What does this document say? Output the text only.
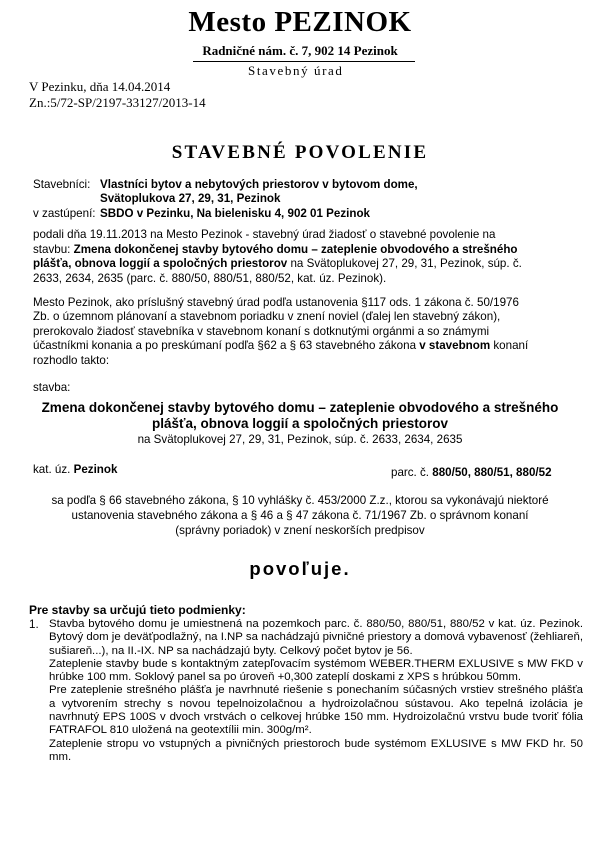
Mesto PEZINOK
Radničné nám. č. 7, 902 14 Pezinok
Stavebný úrad
V Pezinku, dňa 14.04.2014
Zn.:5/72-SP/2197-33127/2013-14
STAVEBNÉ POVOLENIE
Stavebníci: Vlastníci bytov a nebytových priestorov v bytovom dome,
Svätoplukova 27, 29, 31, Pezinok
v zastúpení: SBDO v Pezinku, Na bielenisku 4, 902 01 Pezinok
podali dňa 19.11.2013 na Mesto Pezinok - stavebný úrad žiadosť o stavebné povolenie na
stavbu: Zmena dokončenej stavby bytového domu – zateplenie obvodového a strešného
plášťa, obnova loggií a spoločných priestorov na Svätoplukovej 27, 29, 31, Pezinok, súp. č.
2633, 2634, 2635 (parc. č. 880/50, 880/51, 880/52, kat. úz. Pezinok).
Mesto Pezinok, ako príslušný stavebný úrad podľa ustanovenia §117 ods. 1 zákona č. 50/1976
Zb. o územnom plánovaní a stavebnom poriadku v znení noviel (ďalej len stavebný zákon),
prerokovalo žiadosť stavebníka v stavebnom konaní s dotknutými orgánmi a so známymi
účastníkmi konania a po preskúmaní podľa §62 a § 63 stavebného zákona v stavebnom konaní
rozhodlo takto:
stavba:
Zmena dokončenej stavby bytového domu – zateplenie obvodového a strešného
plášťa, obnova loggií a spoločných priestorov
na Svätoplukovej 27, 29, 31, Pezinok, súp. č. 2633, 2634, 2635
kat. úz. Pezinok	parc. č. 880/50, 880/51, 880/52
sa podľa § 66 stavebného zákona, § 10 vyhlášky č. 453/2000 Z.z., ktorou sa vykonávajú niektoré
ustanovenia stavebného zákona a § 46 a § 47 zákona č. 71/1967 Zb. o správnom konaní
(správny poriadok) v znení neskorších predpisov
povoľuje.
Pre stavby sa určujú tieto podmienky:
1. Stavba bytového domu je umiestnená na pozemkoch parc. č. 880/50, 880/51, 880/52 v kat. úz. Pezinok. Bytový dom je deväťpodlažný, na I.NP sa nachádzajú pivničné priestory a domová vybavenosť (žehliareň, sušiareň...), na II.-IX. NP sa nachádzajú byty. Celkový počet bytov je 56.

Zateplenie stavby bude s kontaktným zatepľovacím systémom WEBER.THERM EXLUSIVE s MW FKD v hrúbke 100 mm. Soklový panel sa po úroveň +0,300 zateplí doskami z XPS s hrúbkou 50mm.

Pre zateplenie strešného plášťa je navrhnuté riešenie s ponechaním súčasných vrstiev strešného plášťa a vytvorením strechy s novou tepelnoizolačnou a hydroizolačnou sústavou. Ako tepelná izolácia je navrhnutý EPS 100S v dvoch vrstvách o celkovej hrúbke 150 mm. Hydroizolačnú vrstvu bude tvoriť fólia FATRAFOL 810 uložená na geotextílii min. 300g/m².

Zateplenie stropu vo vstupných a pivničných priestoroch bude systémom EXLUSIVE s MW FKD hr. 50 mm.
